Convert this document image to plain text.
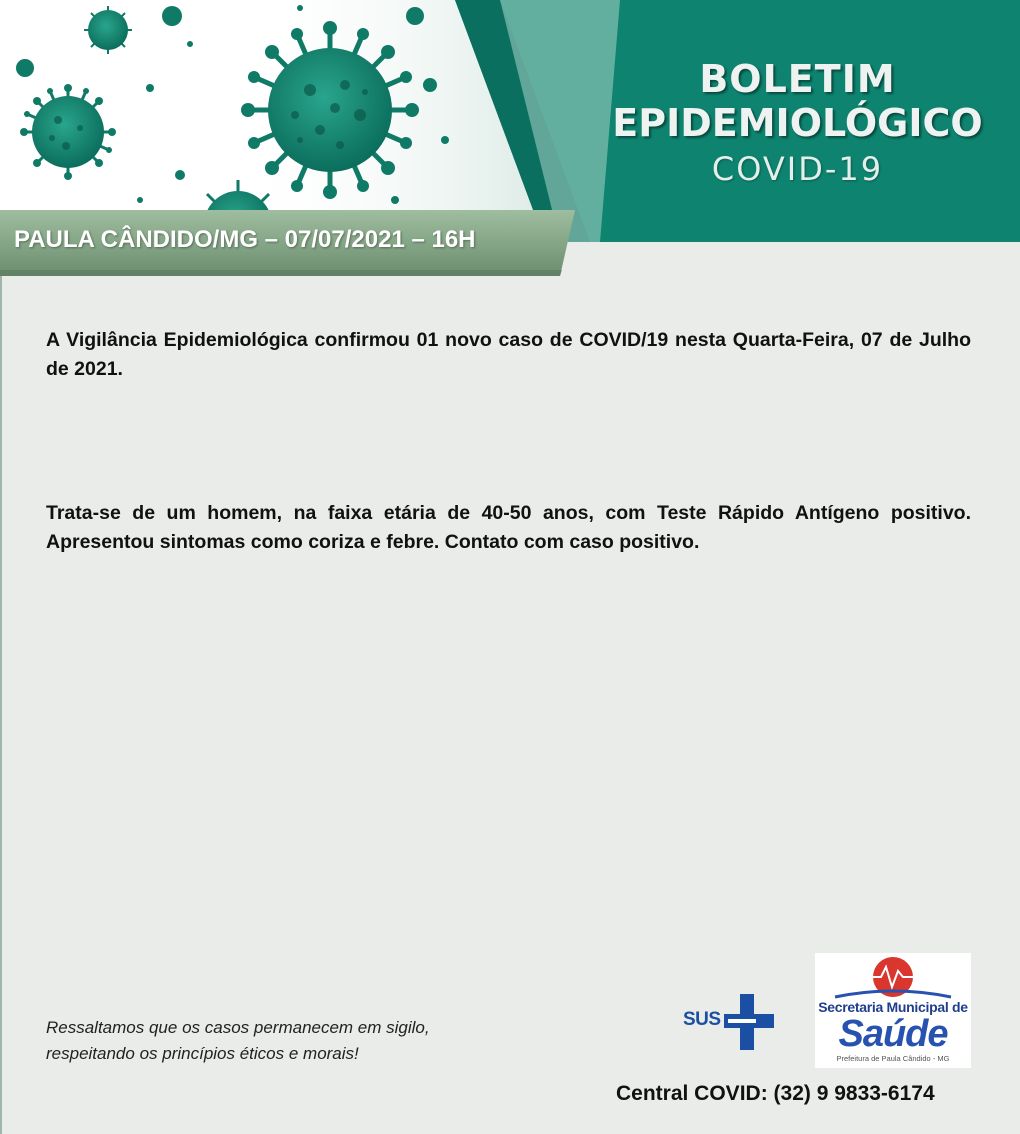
BOLETIM
EPIDEMIOLÓGICO
COVID-19
PAULA CÂNDIDO/MG – 07/07/2021 – 16H
A Vigilância Epidemiológica confirmou 01 novo caso de COVID/19 nesta Quarta-Feira, 07 de Julho de 2021.
Trata-se de um homem, na faixa etária de 40-50 anos, com Teste Rápido Antígeno positivo. Apresentou sintomas como coriza e febre. Contato com caso positivo.
Ressaltamos que os casos permanecem em sigilo,
respeitando os princípios éticos e morais!
SUS
Secretaria Municipal de
Saúde
Prefeitura de Paula Cândido - MG
Central COVID: (32) 9 9833-6174
